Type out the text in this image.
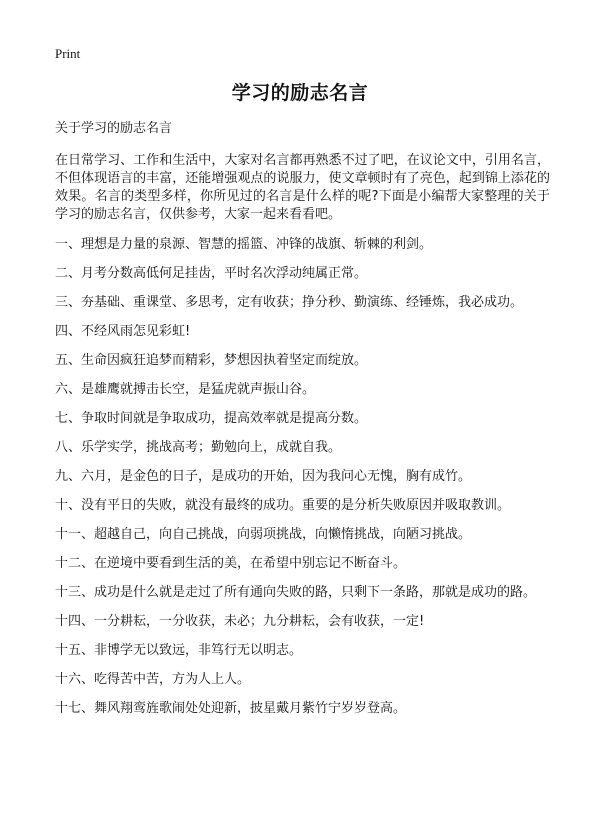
Print
学习的励志名言

关于学习的励志名言

在日常学习、工作和生活中，大家对名言都再熟悉不过了吧，在议论文中，引用名言，不但体现语言的丰富，还能增强观点的说服力，使文章顿时有了亮色，起到锦上添花的效果。名言的类型多样，你所见过的名言是什么样的呢?下面是小编帮大家整理的关于学习的励志名言，仅供参考，大家一起来看看吧。

一、理想是力量的泉源、智慧的摇篮、冲锋的战旗、斩棘的利剑。

二、月考分数高低何足挂齿，平时名次浮动纯属正常。

三、夯基础、重课堂、多思考，定有收获；挣分秒、勤演练、经锤炼，我必成功。

四、不经风雨怎见彩虹!

五、生命因疯狂追梦而精彩，梦想因执着坚定而绽放。

六、是雄鹰就搏击长空，是猛虎就声振山谷。

七、争取时间就是争取成功，提高效率就是提高分数。

八、乐学实学，挑战高考；勤勉向上，成就自我。

九、六月，是金色的日子，是成功的开始，因为我问心无愧，胸有成竹。

十、没有平日的失败，就没有最终的成功。重要的是分析失败原因并吸取教训。

十一、超越自己，向自己挑战，向弱项挑战，向懒惰挑战，向陋习挑战。

十二、在逆境中要看到生活的美，在希望中别忘记不断奋斗。

十三、成功是什么就是走过了所有通向失败的路，只剩下一条路，那就是成功的路。

十四、一分耕耘，一分收获，未必；九分耕耘，会有收获，一定!

十五、非博学无以致远，非笃行无以明志。

十六、吃得苦中苦，方为人上人。

十七、舞风翔鸾旌歌闹处处迎新，披星戴月紫竹宁岁岁登高。
